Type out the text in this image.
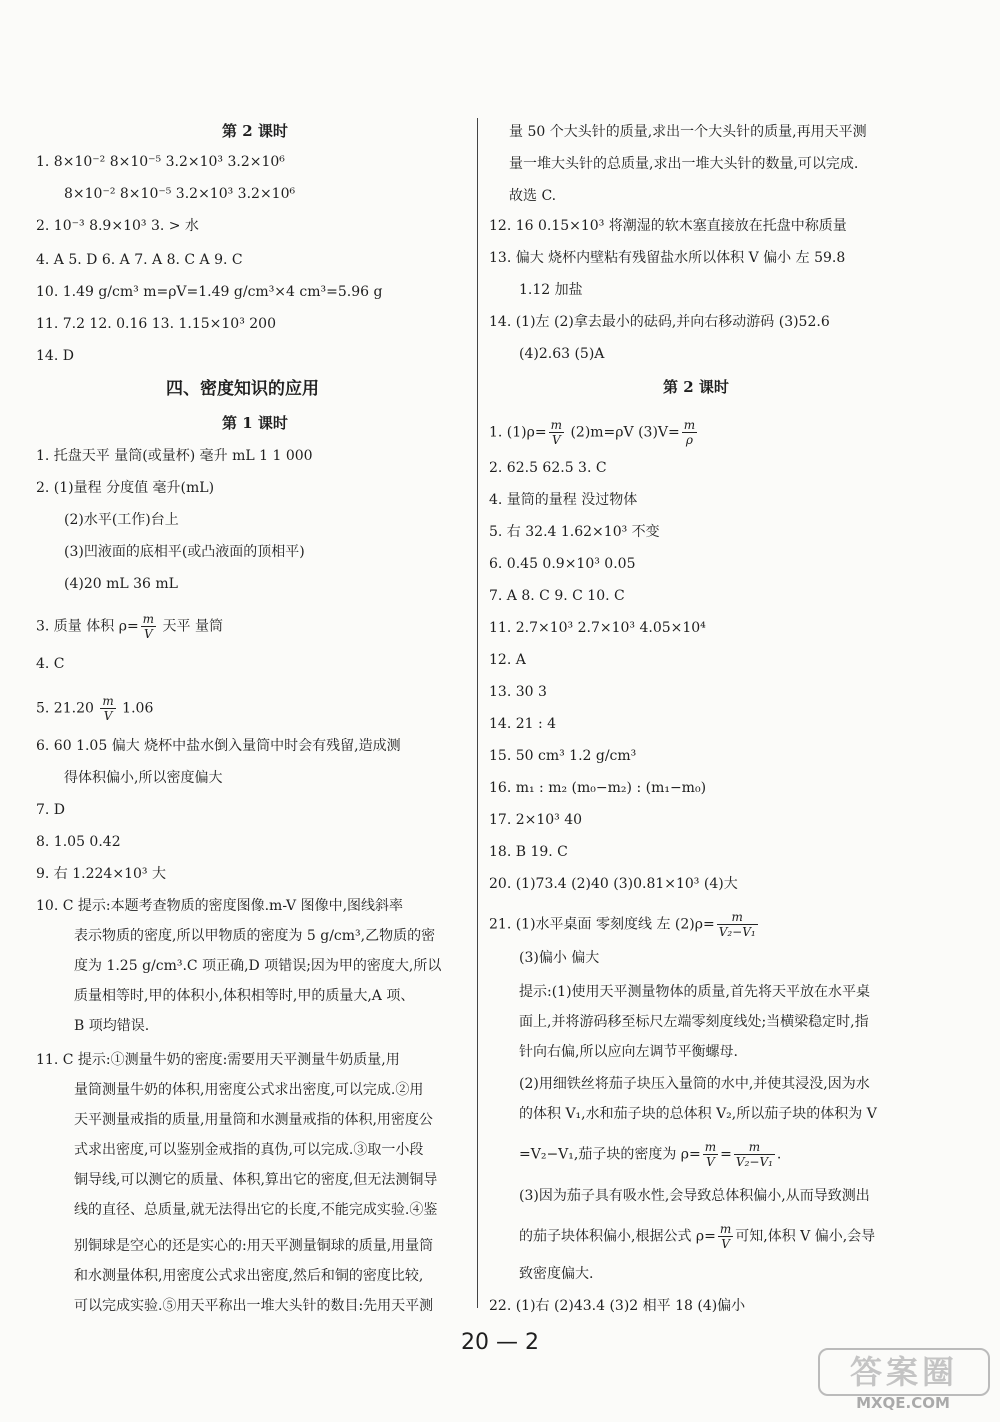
第 2 课时
1. 8×10⁻² 8×10⁻⁵ 3.2×10³ 3.2×10⁶
8×10⁻² 8×10⁻⁵ 3.2×10³ 3.2×10⁶
2. 10⁻³ 8.9×10³ 3. > 水
4. A 5. D 6. A 7. A 8. C A 9. C
10. 1.49 g/cm³ m=ρV=1.49 g/cm³×4 cm³=5.96 g
11. 7.2 12. 0.16 13. 1.15×10³ 200
14. D
四、密度知识的应用
第 1 课时
1. 托盘天平 量筒(或量杯) 毫升 mL 1 1 000
2. (1)量程 分度值 毫升(mL)
(2)水平(工作)台上
(3)凹液面的底相平(或凸液面的顶相平)
(4)20 mL 36 mL
3. 质量 体积 $\rho= \frac{m}{V}$ 天平 量筒
4. C
5. $21.20 \frac{m}{V} 1.06$
6. 60 1.05 偏大 烧杯中盐水倒入量筒中时会有残留,造成测
得体积偏小,所以密度偏大
7. D
8. 1.05 0.42
9. 右 1.224×10³ 大
10. C 提示:本题考查物质的密度图像.m-V 图像中,图线斜率
表示物质的密度,所以甲物质的密度为 5 g/cm³,乙物质的密
度为 1.25 g/cm³.C 项正确,D 项错误;因为甲的密度大,所以
质量相等时,甲的体积小,体积相等时,甲的质量大,A 项、
B 项均错误.
11. C 提示:①测量牛奶的密度:需要用天平测量牛奶质量,用
量筒测量牛奶的体积,用密度公式求出密度,可以完成.②用
天平测量戒指的质量,用量筒和水测量戒指的体积,用密度公
式求出密度,可以鉴别金戒指的真伪,可以完成.③取一小段
铜导线,可以测它的质量、体积,算出它的密度,但无法测铜导
线的直径、总质量,就无法得出它的长度,不能完成实验.④鉴
别铜球是空心的还是实心的:用天平测量铜球的质量,用量筒
和水测量体积,用密度公式求出密度,然后和铜的密度比较,
可以完成实验.⑤用天平称出一堆大头针的数目:先用天平测
量 50 个大头针的质量,求出一个大头针的质量,再用天平测
量一堆大头针的总质量,求出一堆大头针的数量,可以完成.
故选 C.
12. 16 0.15×10³ 将潮湿的软木塞直接放在托盘中称质量
13. 偏大 烧杯内壁粘有残留盐水所以体积 V 偏小 左 59.8
1.12 加盐
14. (1)左 (2)拿去最小的砝码,并向右移动游码 (3)52.6
(4)2.63 (5)A
第 2 课时
1. $(1)\rho= \frac{m}{V} (2)m=\rho V$ $(3)V= \frac{m}{\rho}$
2. 62.5 62.5 3. C
4. 量筒的量程 没过物体
5. 右 32.4 1.62×10³ 不变
6. 0.45 0.9×10³ 0.05
7. A 8. C 9. C 10. C
11. 2.7×10³ 2.7×10³ 4.05×10⁴
12. A
13. 30 3
14. 21 : 4
15. 50 cm³ 1.2 g/cm³
16. m₁ : m₂ (m₀−m₂) : (m₁−m₀)
17. 2×10³ 40
18. B 19. C
20. (1)73.4 (2)40 (3)0.81×10³ (4)大
21. (1)水平桌面 零刻度线 左 $(2)\rho= \frac{m}{\text{V₂−V₁}}$
(3)偏小 偏大
提示:(1)使用天平测量物体的质量,首先将天平放在水平桌
面上,并将游码移至标尺左端零刻度线处;当横梁稳定时,指
针向右偏,所以应向左调节平衡螺母.
(2)用细铁丝将茄子块压入量筒的水中,并使其浸没,因为水
的体积 V₁,水和茄子块的总体积 V₂,所以茄子块的体积为 V
=V₂−V₁,茄子块的密度为 $\rho= \frac{m}{V} = \frac{m}{\text{V₂−V₁}}$ .
(3)因为茄子具有吸水性,会导致总体积偏小,从而导致测出
的茄子块体积偏小,根据公式 $\rho= \frac{m}{V}$ 可知,体积 V 偏小,会导
致密度偏大.
22. (1)右 (2)43.4 (3)2 相平 18 (4)偏小
20 — 2
答案圈
MXQE.COM
